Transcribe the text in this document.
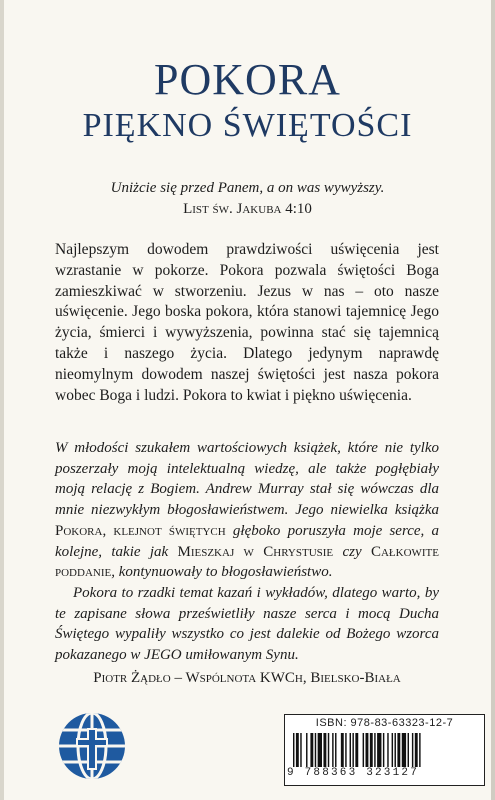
POKORA
PIĘKNO ŚWIĘTOŚCI
Uniżcie się przed Panem, a on was wywyższy.
List św. Jakuba 4:10

Najlepszym dowodem prawdziwości uświęcenia jest wzrastanie w pokorze. Pokora pozwala świętości Boga zamieszkiwać w stworzeniu. Jezus w nas – oto nasze uświęcenie. Jego boska pokora, która stanowi tajemnicę Jego życia, śmierci i wywyższenia, powinna stać się tajemnicą także i naszego życia. Dlatego jedynym naprawdę nieomylnym dowodem naszej świętości jest nasza pokora wobec Boga i ludzi. Pokora to kwiat i piękno uświęcenia.

W młodości szukałem wartościowych książek, które nie tylko poszerzały moją intelektualną wiedzę, ale także pogłębiały moją relację z Bogiem. Andrew Murray stał się wówczas dla mnie niezwykłym błogosławieństwem. Jego niewielka książka Pokora, klejnot świętych głęboko poruszyła moje serce, a kolejne, takie jak Mieszkaj w Chrystusie czy Całkowite poddanie, kontynuowały to błogosławieństwo.

Pokora to rzadki temat kazań i wykładów, dlatego warto, by te zapisane słowa prześwietliły nasze serca i mocą Ducha Świętego wypaliły wszystko co jest dalekie od Bożego wzorca pokazanego w JEGO umiłowanym Synu.

Piotr Żądło – Wspólnota KWCh, Bielsko-Biała
ISBN: 978-83-63323-12-7
9 788363 323127
